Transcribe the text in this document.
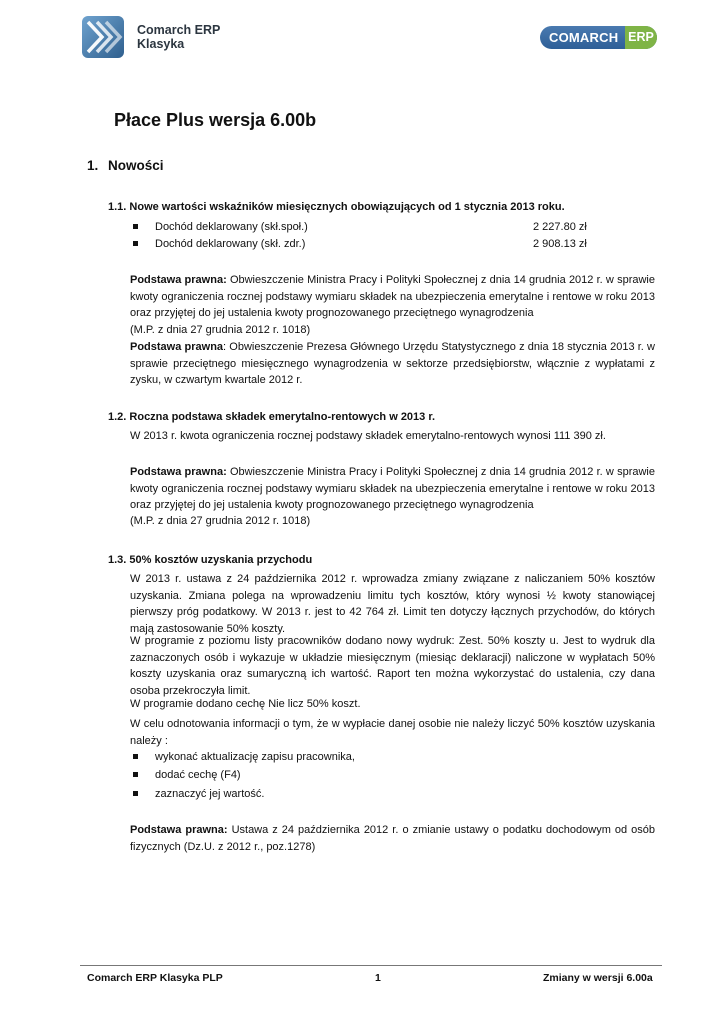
Comarch ERP
Klasyka	COMARCH ERP
Płace Plus wersja 6.00b
1. Nowości
1.1. Nowe wartości wskaźników miesięcznych obowiązujących od 1 stycznia 2013 roku.
Dochód deklarowany (skł.społ.)	2 227.80 zł
Dochód deklarowany (skł. zdr.)	2 908.13 zł
Podstawa prawna: Obwieszczenie Ministra Pracy i Polityki Społecznej z dnia 14 grudnia 2012 r. w sprawie kwoty ograniczenia rocznej podstawy wymiaru składek na ubezpieczenia emerytalne i rentowe w roku 2013 oraz przyjętej do jej ustalenia kwoty prognozowanego przeciętnego wynagrodzenia
(M.P. z dnia 27 grudnia 2012 r. 1018)
Podstawa prawna: Obwieszczenie Prezesa Głównego Urzędu Statystycznego z dnia 18 stycznia 2013 r. w sprawie przeciętnego miesięcznego wynagrodzenia w sektorze przedsiębiorstw, włącznie z wypłatami z zysku, w czwartym kwartale 2012 r.
1.2. Roczna podstawa składek emerytalno-rentowych w 2013 r.
W 2013 r. kwota ograniczenia rocznej podstawy składek emerytalno-rentowych wynosi 111 390 zł.
Podstawa prawna: Obwieszczenie Ministra Pracy i Polityki Społecznej z dnia 14 grudnia 2012 r. w sprawie kwoty ograniczenia rocznej podstawy wymiaru składek na ubezpieczenia emerytalne i rentowe w roku 2013 oraz przyjętej do jej ustalenia kwoty prognozowanego przeciętnego wynagrodzenia
(M.P. z dnia 27 grudnia 2012 r. 1018)
1.3. 50% kosztów uzyskania przychodu
W 2013 r. ustawa z 24 października 2012 r. wprowadza zmiany związane z naliczaniem 50% kosztów uzyskania. Zmiana polega na wprowadzeniu limitu tych kosztów, który wynosi ½ kwoty stanowiącej pierwszy próg podatkowy. W 2013 r. jest to 42 764 zł. Limit ten dotyczy łącznych przychodów, do których mają zastosowanie 50% koszty.
W programie z poziomu listy pracowników dodano nowy wydruk: Zest. 50% koszty u. Jest to wydruk dla zaznaczonych osób i wykazuje w układzie miesięcznym (miesiąc deklaracji) naliczone w wypłatach 50% koszty uzyskania oraz sumaryczną ich wartość. Raport ten można wykorzystać do ustalenia, czy dana osoba przekroczyła limit.
W programie dodano cechę Nie licz 50% koszt.
W celu odnotowania informacji o tym, że w wypłacie danej osobie nie należy liczyć 50% kosztów uzyskania należy :
wykonać aktualizację zapisu pracownika,
dodać cechę (F4)
zaznaczyć jej wartość.
Podstawa prawna: Ustawa z 24 października 2012 r. o zmianie ustawy o podatku dochodowym od osób fizycznych (Dz.U. z 2012 r., poz.1278)
Comarch ERP Klasyka PLP	1	Zmiany w wersji 6.00a
